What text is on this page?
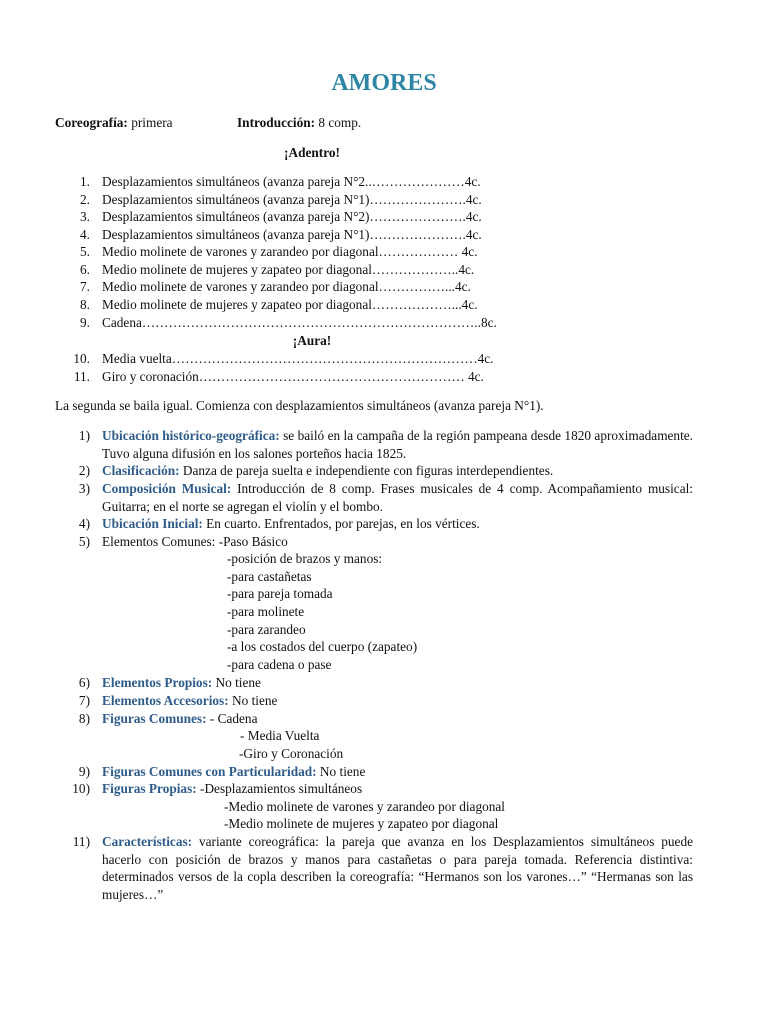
AMORES
Coreografía: primera	Introducción: 8 comp.
¡Adentro!
1. Desplazamientos simultáneos (avanza pareja N°2..…………………4c.
2. Desplazamientos simultáneos (avanza pareja N°1)………………….4c.
3. Desplazamientos simultáneos (avanza pareja N°2)………………….4c.
4. Desplazamientos simultáneos (avanza pareja N°1)………………….4c.
5. Medio molinete de varones y zarandeo por diagonal……………… 4c.
6. Medio molinete de mujeres y zapateo por diagonal………………..4c.
7. Medio molinete de varones y zarandeo por diagonal……………...4c.
8. Medio molinete de mujeres y zapateo por diagonal………………...4c.
9. Cadena…………………………………………………………………..8c.
¡Aura!
10. Media vuelta……………………………………………………………4c.
11. Giro y coronación…………………………………………………… 4c.
La segunda se baila igual. Comienza con desplazamientos simultáneos (avanza pareja N°1).
1) Ubicación histórico-geográfica: se bailó en la campaña de la región pampeana desde 1820 aproximadamente. Tuvo alguna difusión en los salones porteños hacia 1825.
2) Clasificación: Danza de pareja suelta e independiente con figuras interdependientes.
3) Composición Musical: Introducción de 8 comp. Frases musicales de 4 comp. Acompañamiento musical: Guitarra; en el norte se agregan el violín y el bombo.
4) Ubicación Inicial: En cuarto. Enfrentados, por parejas, en los vértices.
5) Elementos Comunes: -Paso Básico
-posición de brazos y manos:
-para castañetas
-para pareja tomada
-para molinete
-para zarandeo
-a los costados del cuerpo (zapateo)
-para cadena o pase
6) Elementos Propios: No tiene
7) Elementos Accesorios: No tiene
8) Figuras Comunes: - Cadena
- Media Vuelta
-Giro y Coronación
9) Figuras Comunes con Particularidad: No tiene
10) Figuras Propias: -Desplazamientos simultáneos
-Medio molinete de varones y zarandeo por diagonal
-Medio molinete de mujeres y zapateo por diagonal
11) Características: variante coreográfica: la pareja que avanza en los Desplazamientos simultáneos puede hacerlo con posición de brazos y manos para castañetas o para pareja tomada. Referencia distintiva: determinados versos de la copla describen la coreografía: “Hermanos son los varones…” “Hermanas son las mujeres…”
